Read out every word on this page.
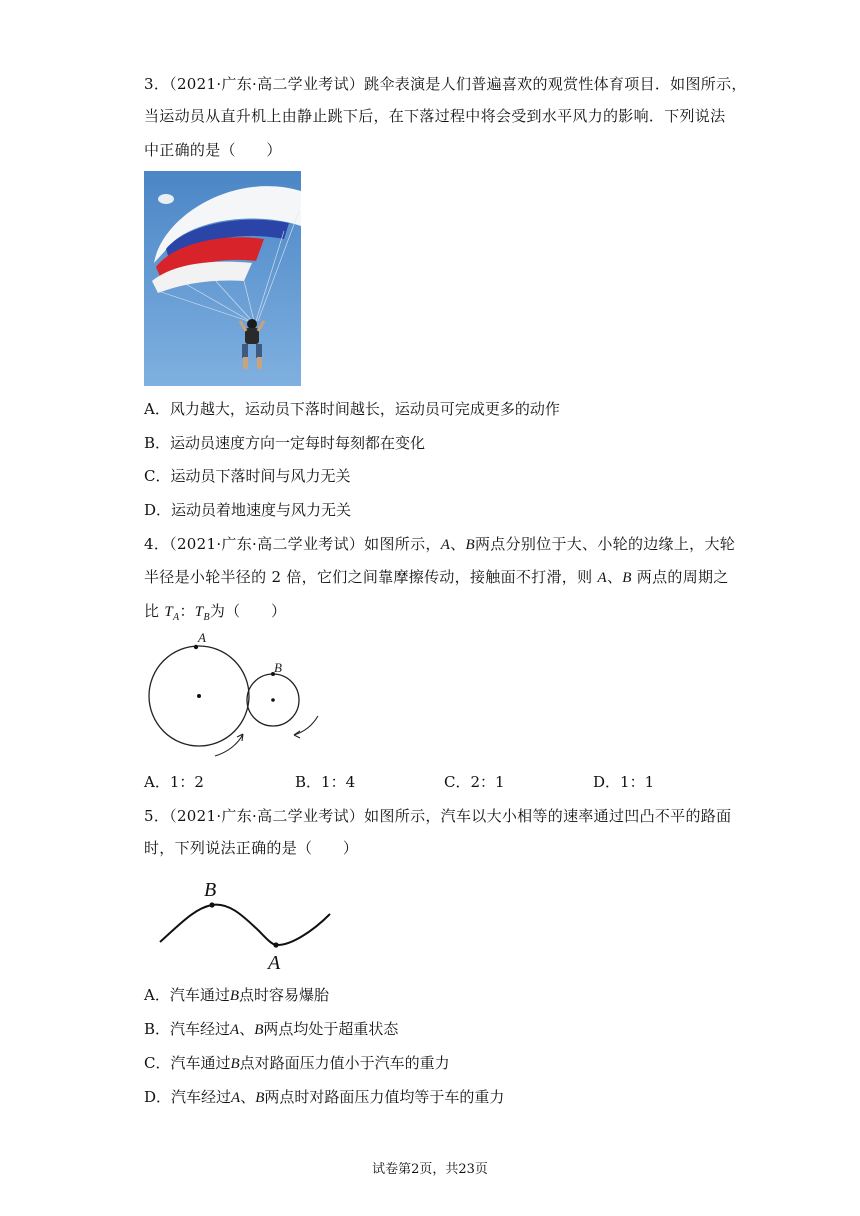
3．（2021·广东·高二学业考试）跳伞表演是人们普遍喜欢的观赏性体育项目．如图所示，
当运动员从直升机上由静止跳下后，在下落过程中将会受到水平风力的影响．下列说法
中正确的是（　　）
A．风力越大，运动员下落时间越长，运动员可完成更多的动作
B．运动员速度方向一定每时每刻都在变化
C．运动员下落时间与风力无关
D．运动员着地速度与风力无关
4．（2021·广东·高二学业考试）如图所示，A、B两点分别位于大、小轮的边缘上，大轮
半径是小轮半径的 2 倍，它们之间靠摩擦传动，接触面不打滑，则 A、B 两点的周期之
比 $T_A$：$T_B$为（　　）
A
B
A．1：2	B．1：4	C．2：1	D．1：1
5．（2021·广东·高二学业考试）如图所示，汽车以大小相等的速率通过凹凸不平的路面
时，下列说法正确的是（　　）
B
A
A．汽车通过B点时容易爆胎
B．汽车经过A、B两点均处于超重状态
C．汽车通过B点对路面压力值小于汽车的重力
D．汽车经过A、B两点时对路面压力值均等于车的重力
试卷第2页，共23页
